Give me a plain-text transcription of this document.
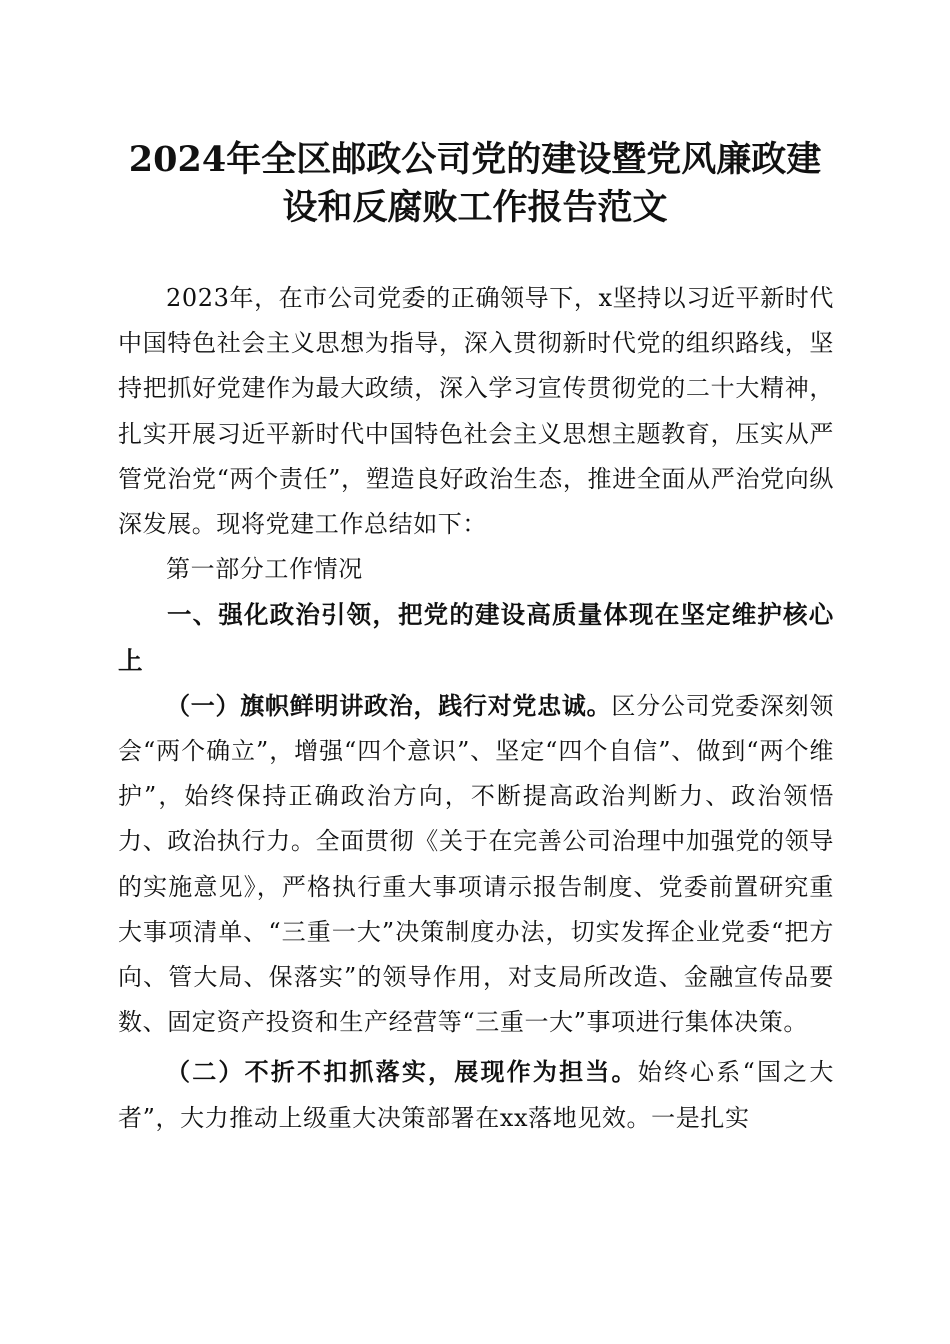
2024年全区邮政公司党的建设暨党风廉政建
设和反腐败工作报告范文

2023年，在市公司党委的正确领导下，x坚持以习近平新时代中国特色社会主义思想为指导，深入贯彻新时代党的组织路线，坚持把抓好党建作为最大政绩，深入学习宣传贯彻党的二十大精神，扎实开展习近平新时代中国特色社会主义思想主题教育，压实从严管党治党“两个责任”，塑造良好政治生态，推进全面从严治党向纵深发展。现将党建工作总结如下：

第一部分工作情况

一、强化政治引领，把党的建设高质量体现在坚定维护核心上

（一）旗帜鲜明讲政治，践行对党忠诚。区分公司党委深刻领会“两个确立”，增强“四个意识”、坚定“四个自信”、做到“两个维护”，始终保持正确政治方向，不断提高政治判断力、政治领悟力、政治执行力。全面贯彻《关于在完善公司治理中加强党的领导的实施意见》，严格执行重大事项请示报告制度、党委前置研究重大事项清单、“三重一大”决策制度办法，切实发挥企业党委“把方向、管大局、保落实”的领导作用，对支局所改造、金融宣传品要数、固定资产投资和生产经营等“三重一大”事项进行集体决策。

（二）不折不扣抓落实，展现作为担当。始终心系“国之大者”，大力推动上级重大决策部署在xx落地见效。一是扎实
